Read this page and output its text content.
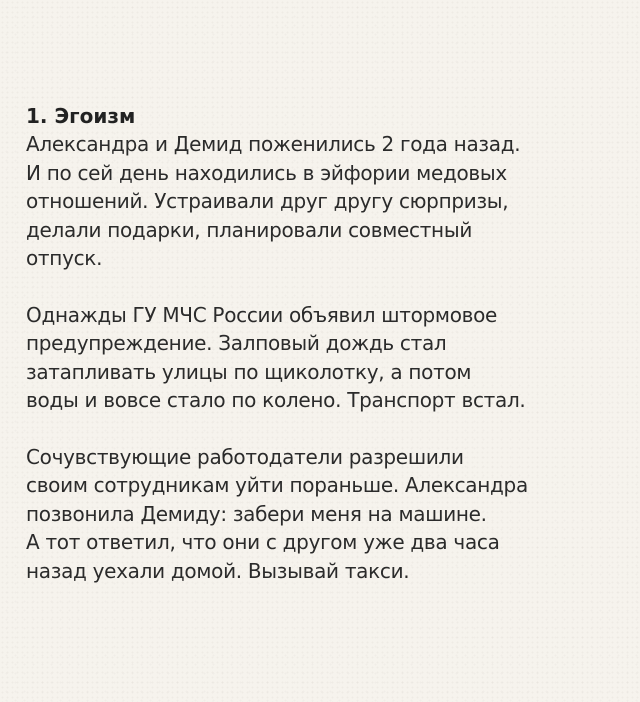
1. Эгоизм
Александра и Демид поженились 2 года назад.
И по сей день находились в эйфории медовых
отношений. Устраивали друг другу сюрпризы,
делали подарки, планировали совместный
отпуск.
Однажды ГУ МЧС России объявил штормовое
предупреждение. Залповый дождь стал
затапливать улицы по щиколотку, а потом
воды и вовсе стало по колено. Транспорт встал.
Сочувствующие работодатели разрешили
своим сотрудникам уйти пораньше. Александра
позвонила Демиду: забери меня на машине.
А тот ответил, что они с другом уже два часа
назад уехали домой. Вызывай такси.
